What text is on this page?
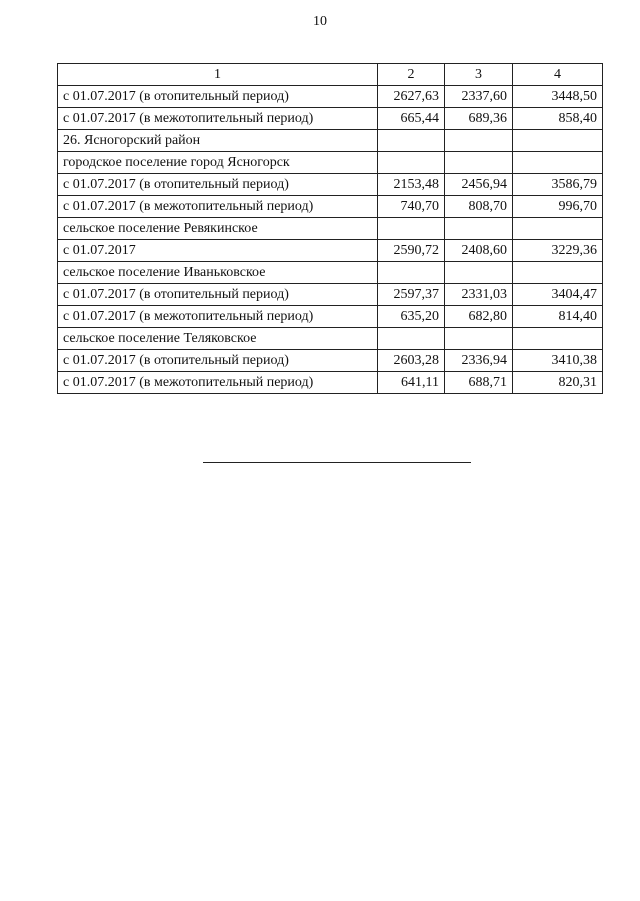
10
1	2	3	4
с 01.07.2017 (в отопительный период)	2627,63	2337,60	3448,50
с 01.07.2017 (в межотопительный период)	665,44	689,36	858,40
26. Ясногорский район			
городское поселение город Ясногорск			
с 01.07.2017 (в отопительный период)	2153,48	2456,94	3586,79
с 01.07.2017 (в межотопительный период)	740,70	808,70	996,70
сельское поселение Ревякинское			
с 01.07.2017	2590,72	2408,60	3229,36
сельское поселение Иваньковское			
с 01.07.2017 (в отопительный период)	2597,37	2331,03	3404,47
с 01.07.2017 (в межотопительный период)	635,20	682,80	814,40
сельское поселение Теляковское			
с 01.07.2017 (в отопительный период)	2603,28	2336,94	3410,38
с 01.07.2017 (в межотопительный период)	641,11	688,71	820,31
